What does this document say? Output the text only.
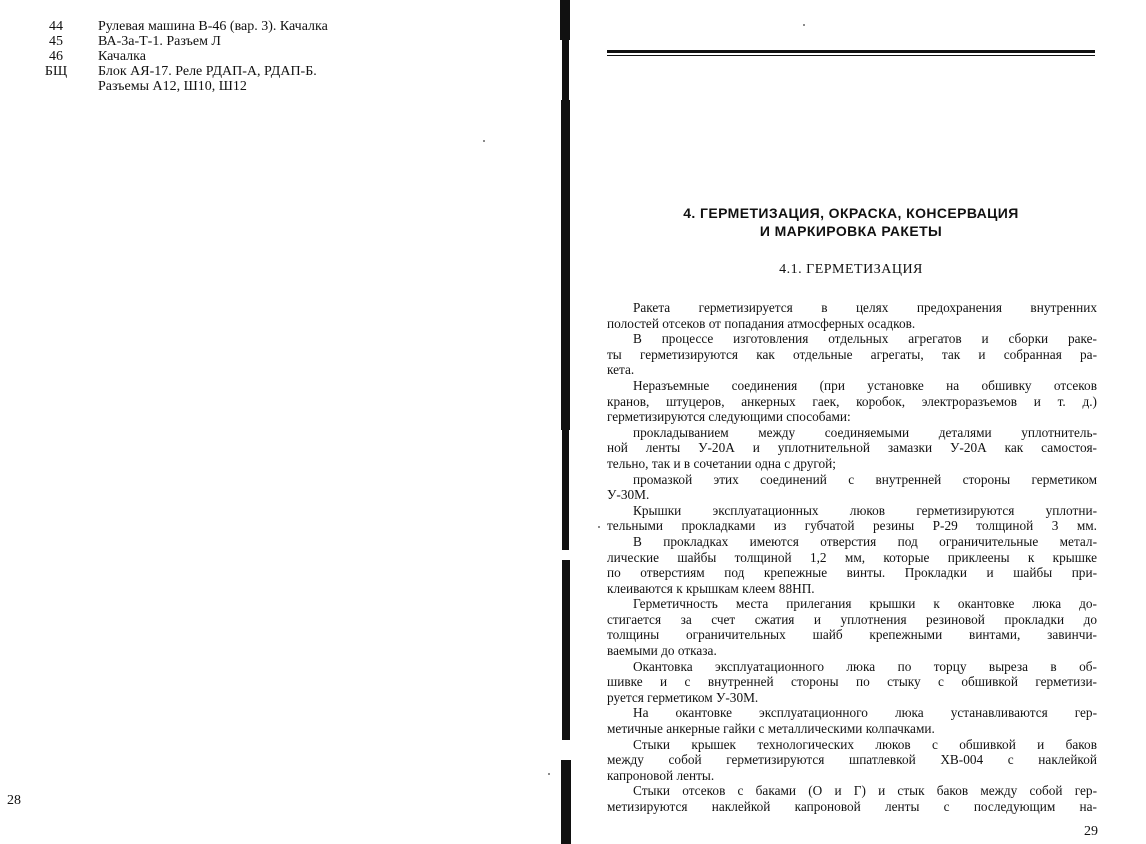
44	Рулевая машина В-46 (вар. 3). Качалка
45	ВА-3а-Т-1. Разъем Л
46	Качалка
БЩ	Блок АЯ-17. Реле РДАП-А, РДАП-Б.
Разъемы А12, Ш10, Ш12
28
4. ГЕРМЕТИЗАЦИЯ, ОКРАСКА, КОНСЕРВАЦИЯ
И МАРКИРОВКА РАКЕТЫ
4.1. ГЕРМЕТИЗАЦИЯ
Ракета герметизируется в целях предохранения внутренних
полостей отсеков от попадания атмосферных осадков.
В процессе изготовления отдельных агрегатов и сборки раке-
ты герметизируются как отдельные агрегаты, так и собранная ра-
кета.
Неразъемные соединения (при установке на обшивку отсеков
кранов, штуцеров, анкерных гаек, коробок, электроразъемов и т. д.)
герметизируются следующими способами:
прокладыванием между соединяемыми деталями уплотнитель-
ной ленты У-20А и уплотнительной замазки У-20А как самостоя-
тельно, так и в сочетании одна с другой;
промазкой этих соединений с внутренней стороны герметиком
У-30М.
Крышки эксплуатационных люков герметизируются уплотни-
тельными прокладками из губчатой резины Р-29 толщиной 3 мм.
В прокладках имеются отверстия под ограничительные метал-
лические шайбы толщиной 1,2 мм, которые приклеены к крышке
по отверстиям под крепежные винты. Прокладки и шайбы при-
клеиваются к крышкам клеем 88НП.
Герметичность места прилегания крышки к окантовке люка до-
стигается за счет сжатия и уплотнения резиновой прокладки до
толщины ограничительных шайб крепежными винтами, завинчи-
ваемыми до отказа.
Окантовка эксплуатационного люка по торцу выреза в об-
шивке и с внутренней стороны по стыку с обшивкой герметизи-
руется герметиком У-30М.
На окантовке эксплуатационного люка устанавливаются гер-
метичные анкерные гайки с металлическими колпачками.
Стыки крышек технологических люков с обшивкой и баков
между собой герметизируются шпатлевкой ХВ-004 с наклейкой
капроновой ленты.
Стыки отсеков с баками (О и Г) и стык баков между собой гер-
метизируются наклейкой капроновой ленты с последующим на-
29
